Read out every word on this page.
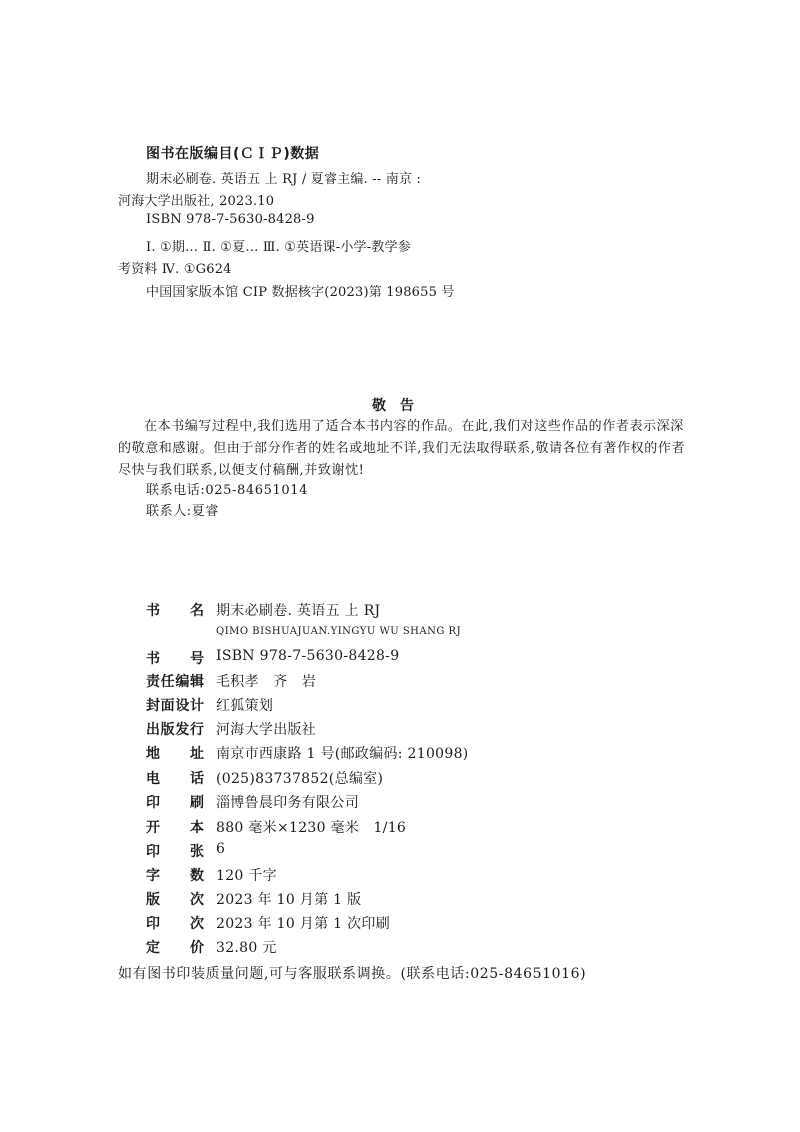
图书在版编目(ＣＩＰ)数据
期末必刷卷. 英语五 上 RJ / 夏睿主编. -- 南京 :
河海大学出版社, 2023.10
ISBN 978-7-5630-8428-9
Ⅰ. ①期… Ⅱ. ①夏… Ⅲ. ①英语课-小学-教学参
考资料 Ⅳ. ①G624
中国国家版本馆 CIP 数据核字(2023)第 198655 号
敬告
在本书编写过程中,我们选用了适合本书内容的作品。在此,我们对这些作品的作者表示深深的敬意和感谢。但由于部分作者的姓名或地址不详,我们无法取得联系,敬请各位有著作权的作者尽快与我们联系,以便支付稿酬,并致谢忱!
联系电话:025-84651014
联系人:夏睿
书 名 期末必刷卷. 英语五 上 RJ
书 号 ISBN 978-7-5630-8428-9
责 任 编 辑 毛积孝　齐　岩
封 面 设 计 红狐策划
出 版 发 行 河海大学出版社
地 址 南京市西康路 1 号(邮政编码: 210098)
电 话 (025)83737852(总编室)
印 刷 淄博鲁晨印务有限公司
开 本 880 毫米×1230 毫米　1/16
印 张 6
字 数 120 千字
版 次 2023 年 10 月第 1 版
印 次 2023 年 10 月第 1 次印刷
定 价 32.80 元
QIMO BISHUAJUAN.YINGYU WU SHANG RJ
如有图书印装质量问题,可与客服联系调换。(联系电话:025-84651016)
